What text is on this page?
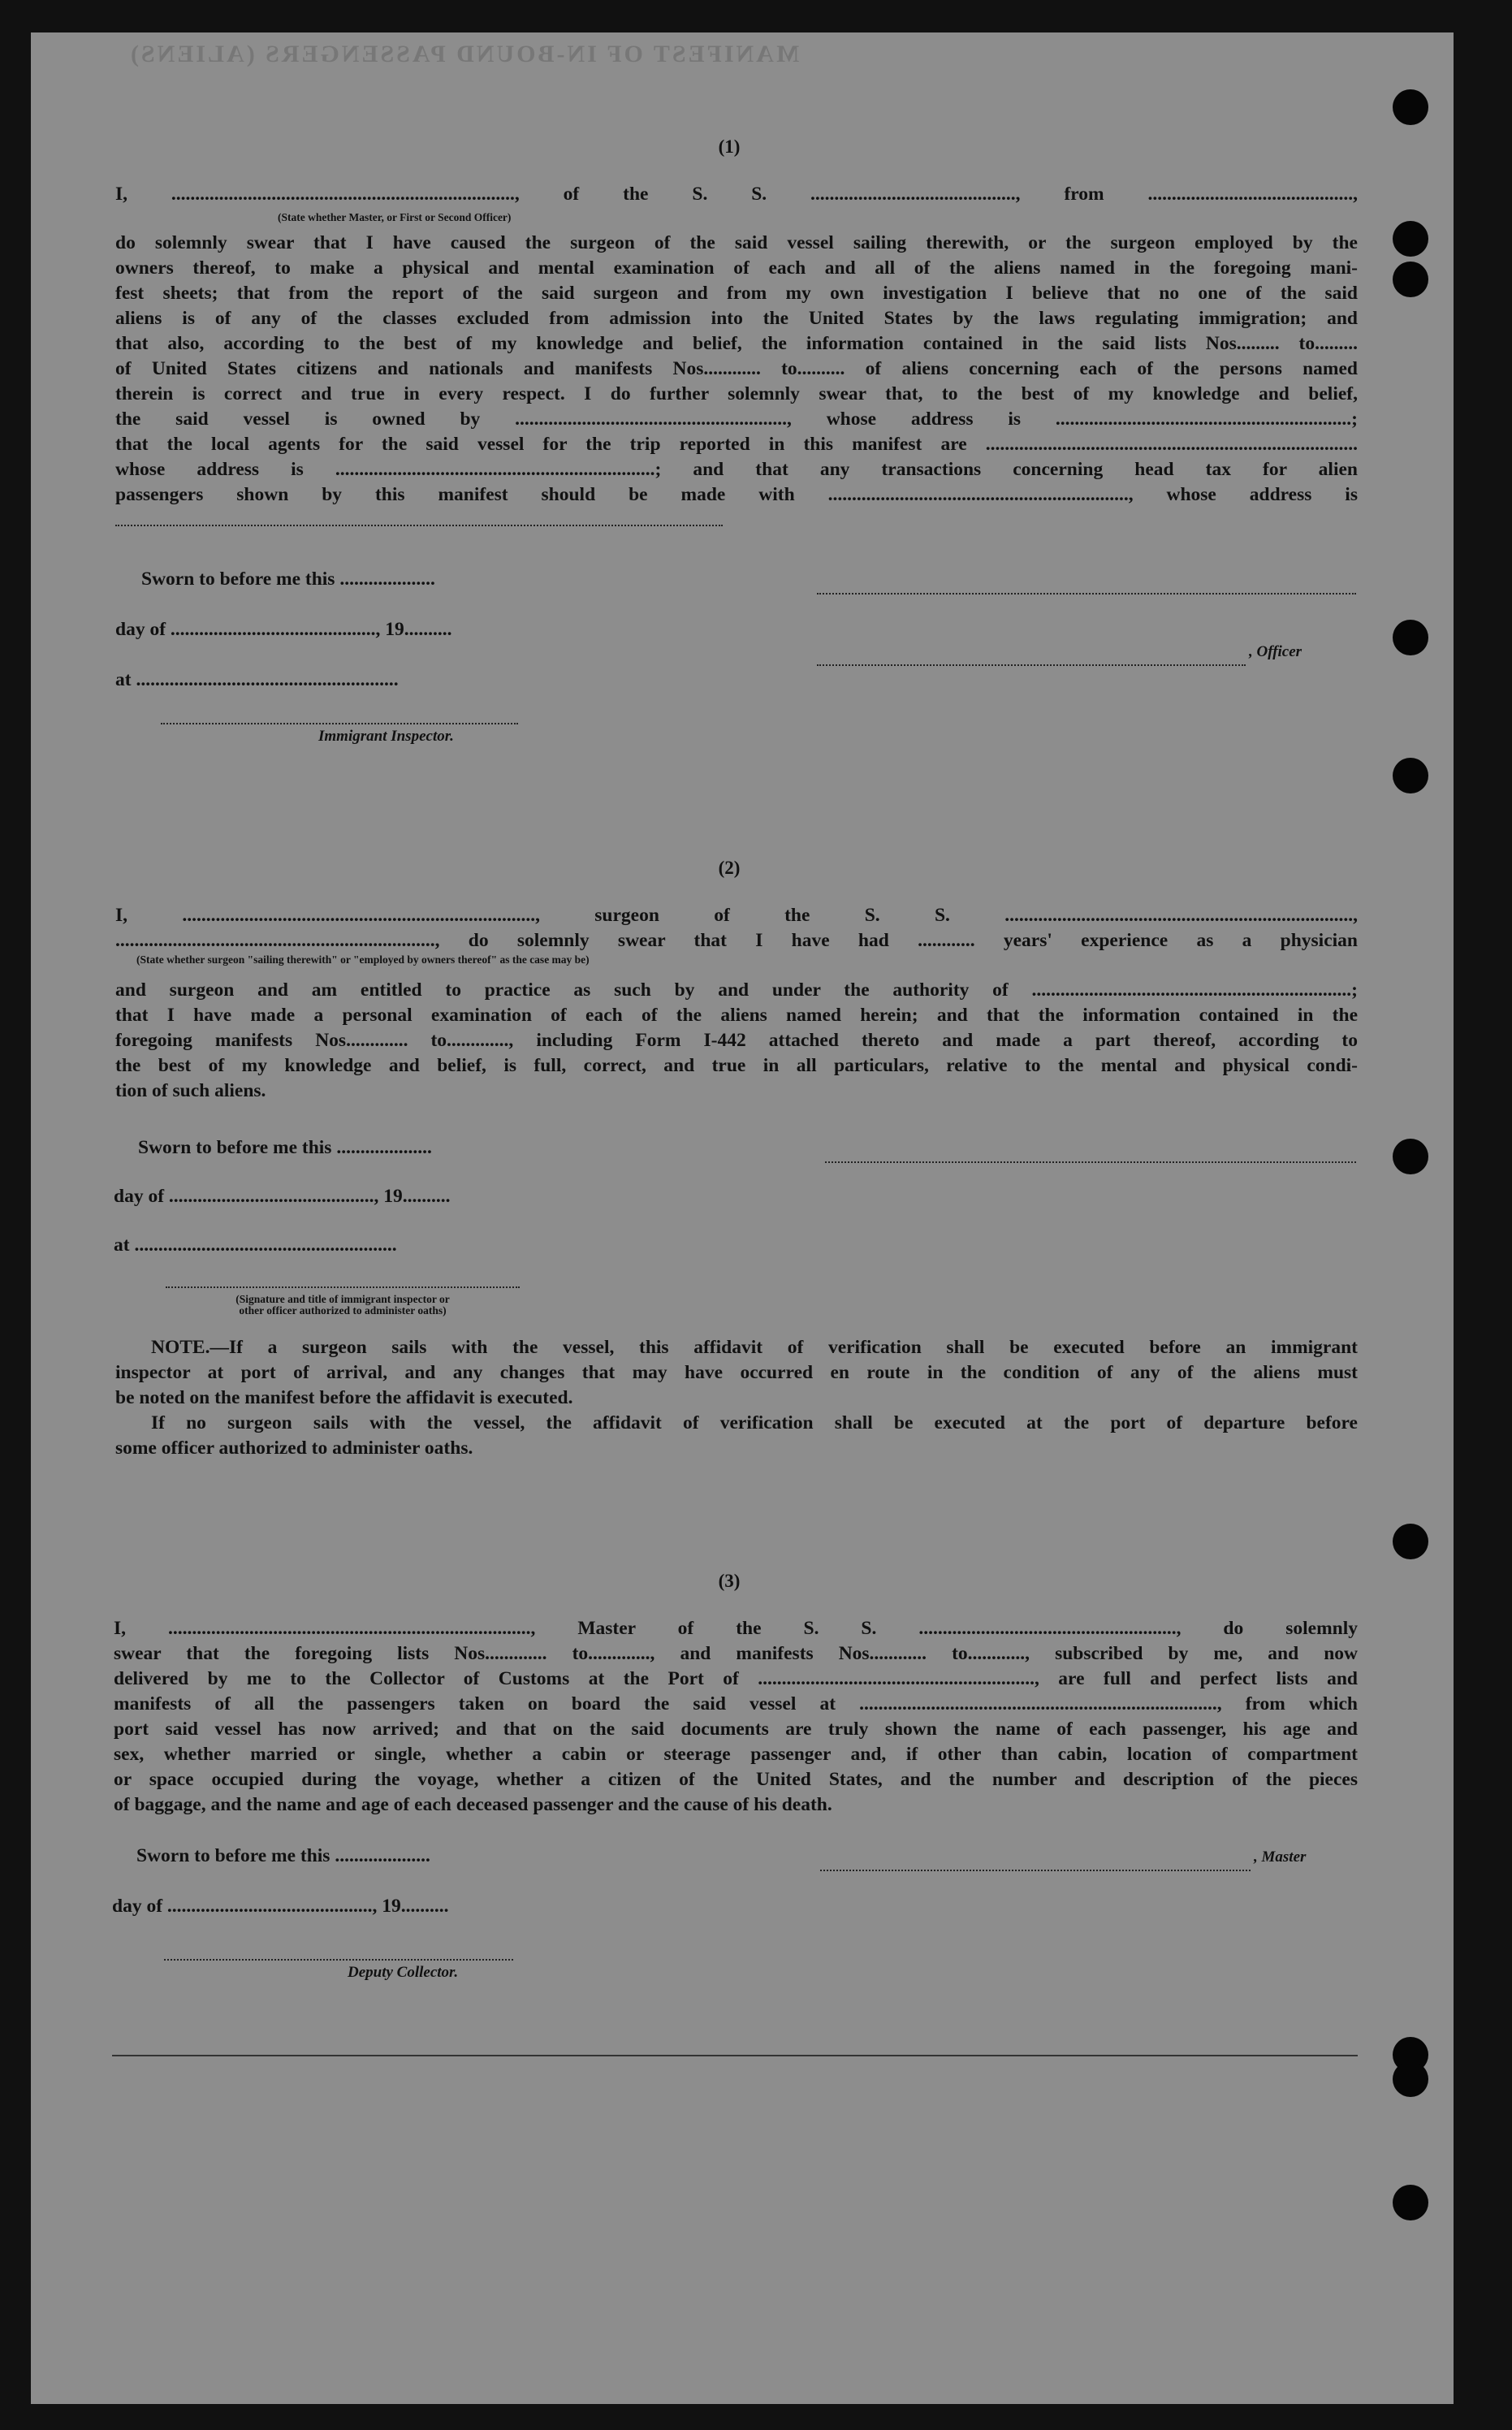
MANIFEST OF IN-BOUND PASSENGERS (ALIENS)
(1)
I, ........................................................................, of the S. S. ..........................................., from ...........................................,
(State whether Master, or First or Second Officer)
do solemnly swear that I have caused the surgeon of the said vessel sailing therewith, or the surgeon employed by the
owners thereof, to make a physical and mental examination of each and all of the aliens named in the foregoing mani-
fest sheets; that from the report of the said surgeon and from my own investigation I believe that no one of the said
aliens is of any of the classes excluded from admission into the United States by the laws regulating immigration; and
that also, according to the best of my knowledge and belief, the information contained in the said lists Nos......... to.........
of United States citizens and nationals and manifests Nos............ to.......... of aliens concerning each of the persons named
therein is correct and true in every respect. I do further solemnly swear that, to the best of my knowledge and belief,
the said vessel is owned by ........................................................., whose address is ..............................................................;
that the local agents for the said vessel for the trip reported in this manifest are ..............................................................................
whose address is ...................................................................; and that any transactions concerning head tax for alien
passengers shown by this manifest should be made with ..............................................................., whose address is
Sworn to before me this ....................
day of ..........................................., 19..........
, Officer
at .......................................................
Immigrant Inspector.
(2)
I, .........................................................................., surgeon of the S. S. .........................................................................,
..................................................................., do solemnly swear that I have had ............ years' experience as a physician
(State whether surgeon "sailing therewith" or "employed by owners thereof" as the case may be)
and surgeon and am entitled to practice as such by and under the authority of ...................................................................;
that I have made a personal examination of each of the aliens named herein; and that the information contained in the
foregoing manifests Nos............. to............., including Form I-442 attached thereto and made a part thereof, according to
the best of my knowledge and belief, is full, correct, and true in all particulars, relative to the mental and physical condi-
tion of such aliens.
Sworn to before me this ....................
day of ..........................................., 19..........
at .......................................................
(Signature and title of immigrant inspector or
other officer authorized to administer oaths)
NOTE.—If a surgeon sails with the vessel, this affidavit of verification shall be executed before an immigrant
inspector at port of arrival, and any changes that may have occurred en route in the condition of any of the aliens must
be noted on the manifest before the affidavit is executed.
If no surgeon sails with the vessel, the affidavit of verification shall be executed at the port of departure before
some officer authorized to administer oaths.
(3)
I, ............................................................................, Master of the S. S. ......................................................, do solemnly
swear that the foregoing lists Nos............. to............., and manifests Nos............ to............, subscribed by me, and now
delivered by me to the Collector of Customs at the Port of .........................................................., are full and perfect lists and
manifests of all the passengers taken on board the said vessel at ..........................................................................., from which
port said vessel has now arrived; and that on the said documents are truly shown the name of each passenger, his age and
sex, whether married or single, whether a cabin or steerage passenger and, if other than cabin, location of compartment
or space occupied during the voyage, whether a citizen of the United States, and the number and description of the pieces
of baggage, and the name and age of each deceased passenger and the cause of his death.
Sworn to before me this ....................	, Master
day of ..........................................., 19..........
Deputy Collector.
